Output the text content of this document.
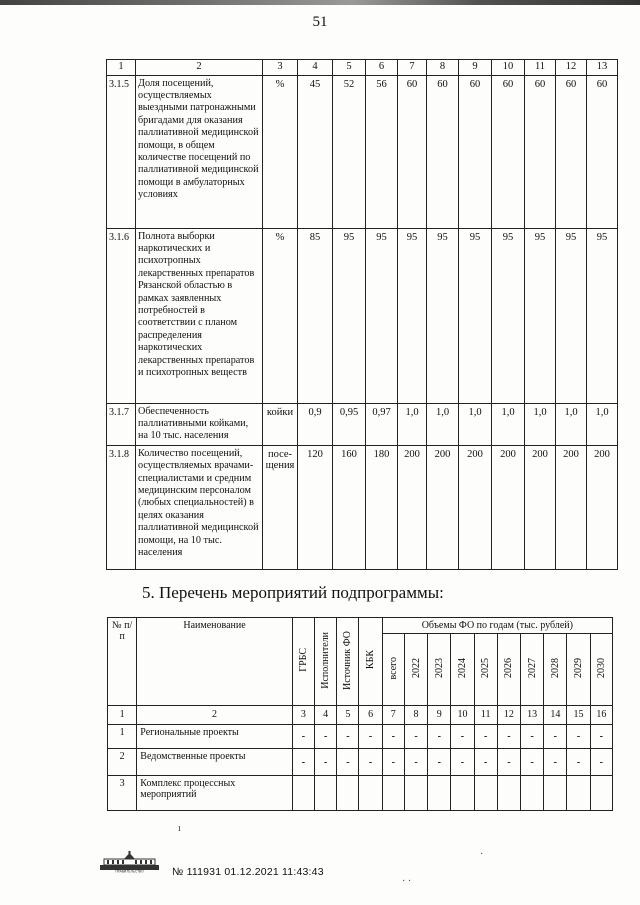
51
1	2	3	4	5	6	7	8	9	10	11	12	13
3.1.5	Доля посещений, осуществляемых выездными патронажными бригадами для оказания паллиативной медицинской помощи, в общем количестве посещений по паллиативной медицинской помощи в амбулаторных условиях	%	45	52	56	60	60	60	60	60	60	60
3.1.6	Полнота выборки наркотических и психотропных лекарственных препаратов Рязанской областью в рамках заявленных потребностей в соответствии с планом распределения наркотических лекарственных препаратов и психотропных веществ	%	85	95	95	95	95	95	95	95	95	95
3.1.7	Обеспеченность паллиативными койками, на 10 тыс. населения	койки	0,9	0,95	0,97	1,0	1,0	1,0	1,0	1,0	1,0	1,0
3.1.8	Количество посещений, осуществляемых врачами-специалистами и средним медицинским персоналом (любых специальностей) в целях оказания паллиативной медицинской помощи, на 10 тыс. населения	посе- щения	120	160	180	200	200	200	200	200	200	200
5. Перечень мероприятий подпрограммы:
№ п/п	Наименование	ГРБС	Исполнители	Источник ФО	КБК	Объемы ФО по годам (тыс. рублей)									
						всего	2022	2023	2024	2025	2026	2027	2028	2029	2030
1	2	3	4	5	6	7	8	9	10	11	12	13	14	15	16
1	Региональные проекты	-	-	-	-	-	-	-	-	-	-	-	-	-	-
2	Ведомственные проекты	-	-	-	-	-	-	-	-	-	-	-	-	-	-
3	Комплекс процессных мероприятий														
ПРАВИТЕЛЬСТВО	№ 111931 01.12.2021 11:43:43
ı
·
· ·
